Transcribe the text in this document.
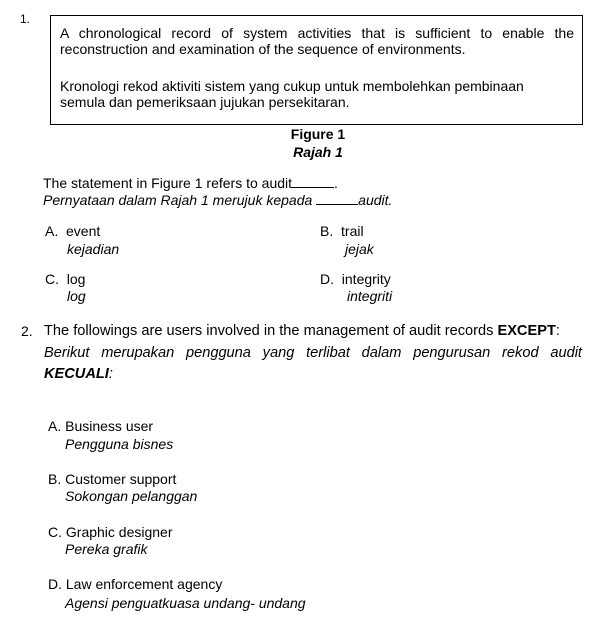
1.
A chronological record of system activities that is sufficient to enable the
reconstruction and examination of the sequence of environments.
Kronologi rekod aktiviti sistem yang cukup untuk membolehkan pembinaan
semula dan pemeriksaan jujukan persekitaran.
Figure 1
Rajah 1
The statement in Figure 1 refers to audit	.
Pernyataan dalam Rajah 1 merujuk kepada	audit.
A. event
kejadian
B. trail
jejak
C. log
log
D. integrity
integriti
2. The followings are users involved in the management of audit records EXCEPT:
Berikut merupakan pengguna yang terlibat dalam pengurusan rekod audit
KECUALI:
A. Business user
Pengguna bisnes
B. Customer support
Sokongan pelanggan
C. Graphic designer
Pereka grafik
D. Law enforcement agency
Agensi penguatkuasa undang- undang
